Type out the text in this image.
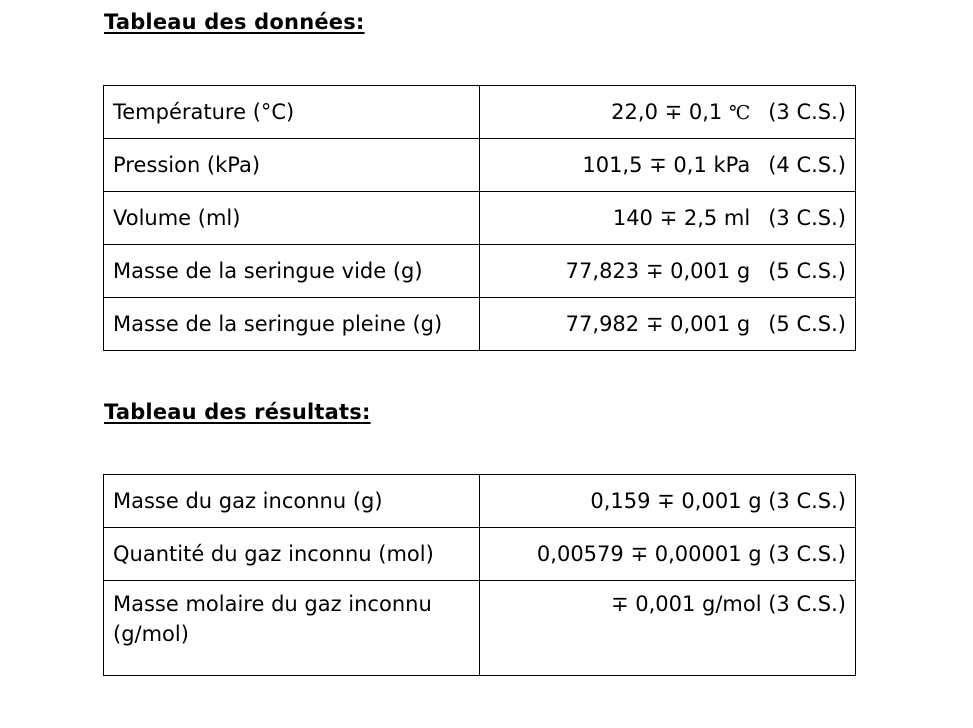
Tableau des données:
Température (°C)	22,0 ∓ 0,1 ℃ (3 C.S.)
Pression (kPa)	101,5 ∓ 0,1 kPa (4 C.S.)
Volume (ml)	140 ∓ 2,5 ml (3 C.S.)
Masse de la seringue vide (g)	77,823 ∓ 0,001 g (5 C.S.)
Masse de la seringue pleine (g)	77,982 ∓ 0,001 g (5 C.S.)
Tableau des résultats:
Masse du gaz inconnu (g)	0,159 ∓ 0,001 g (3 C.S.)
Quantité du gaz inconnu (mol)	0,00579 ∓ 0,00001 g (3 C.S.)
Masse molaire du gaz inconnu (g/mol)	∓ 0,001 g/mol (3 C.S.)
